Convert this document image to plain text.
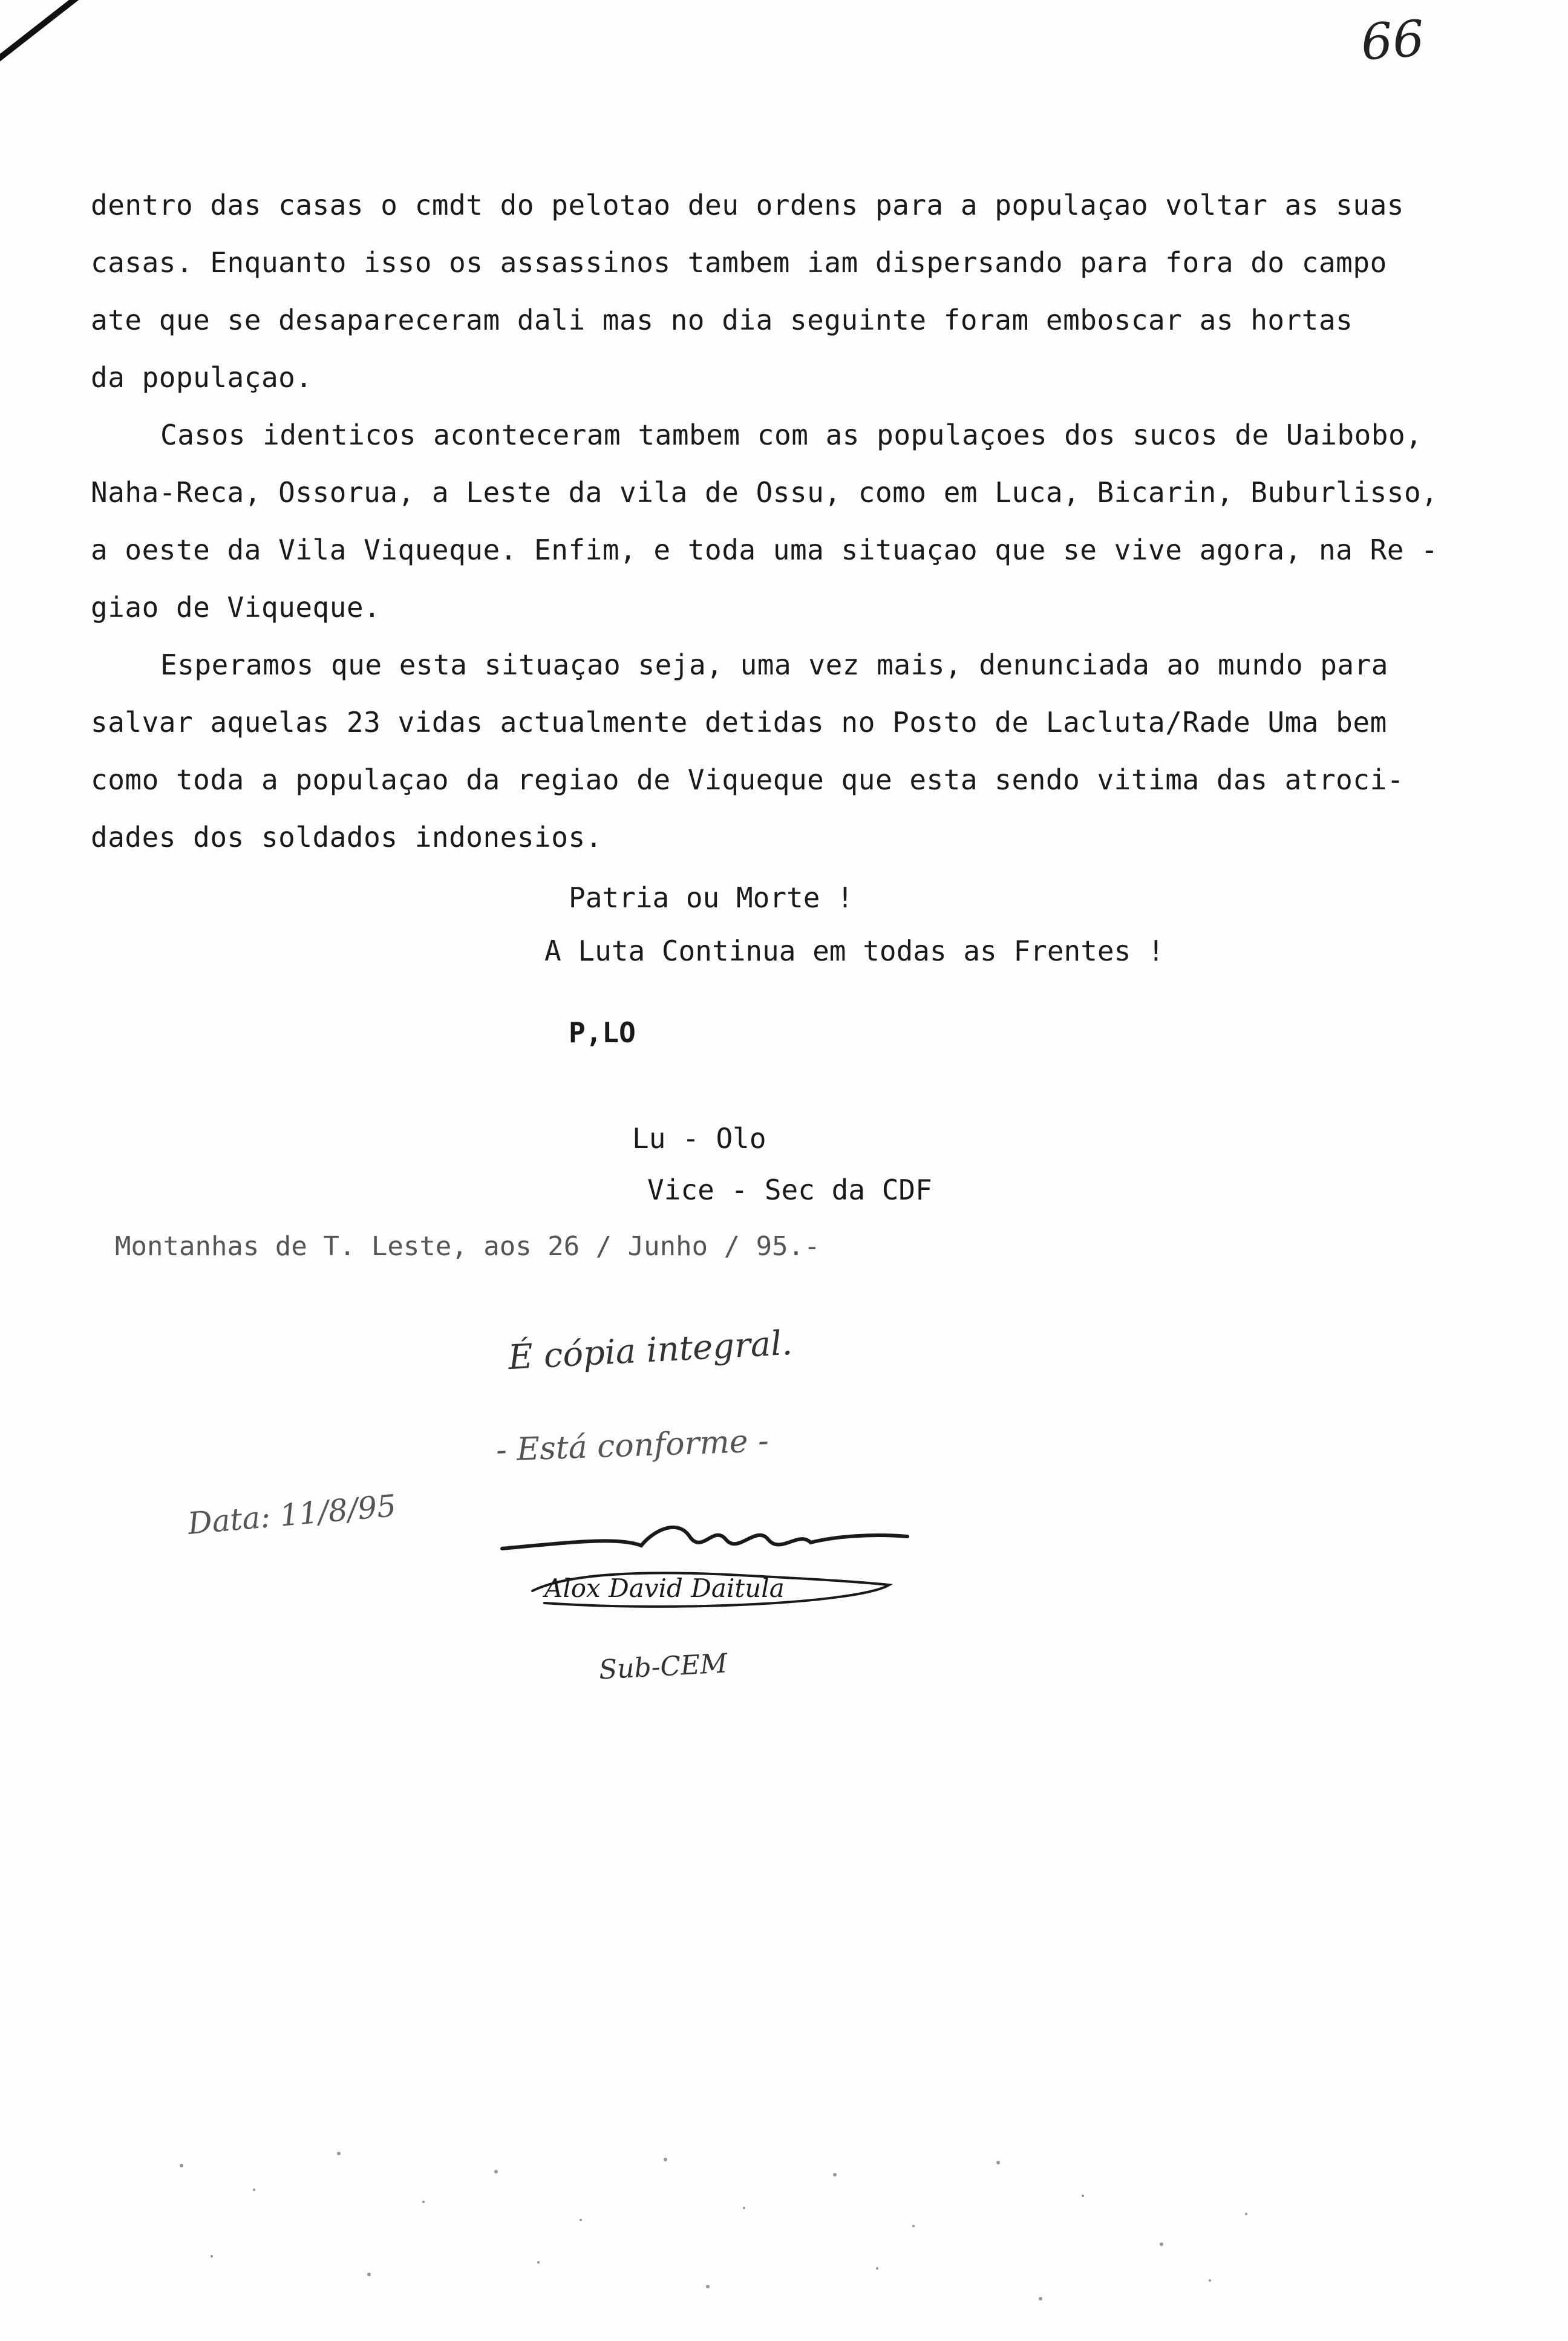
66
dentro das casas o cmdt do pelotao deu ordens para a populaçao voltar as suas
casas. Enquanto isso os assassinos tambem iam dispersando para fora do campo
ate que se desapareceram dali mas no dia seguinte foram emboscar as hortas
da populaçao.
Casos identicos aconteceram tambem com as populaçoes dos sucos de Uaibobo,
Naha-Reca, Ossorua, a Leste da vila de Ossu, como em Luca, Bicarin, Buburlisso,
a oeste da Vila Viqueque. Enfim, e toda uma situaçao que se vive agora, na Re -
giao de Viqueque.
Esperamos que esta situaçao seja, uma vez mais, denunciada ao mundo para
salvar aquelas 23 vidas actualmente detidas no Posto de Lacluta/Rade Uma bem
como toda a populaçao da regiao de Viqueque que esta sendo vitima das atroci-
dades dos soldados indonesios.
Patria ou Morte !
A Luta Continua em todas as Frentes !
P,LO
Lu - Olo
Vice - Sec da CDF
Montanhas de T. Leste, aos 26 / Junho / 95.-
É cópia integral.
- Está conforme -
Data: 11/8/95
Alox David Daitula
Sub-CEM
